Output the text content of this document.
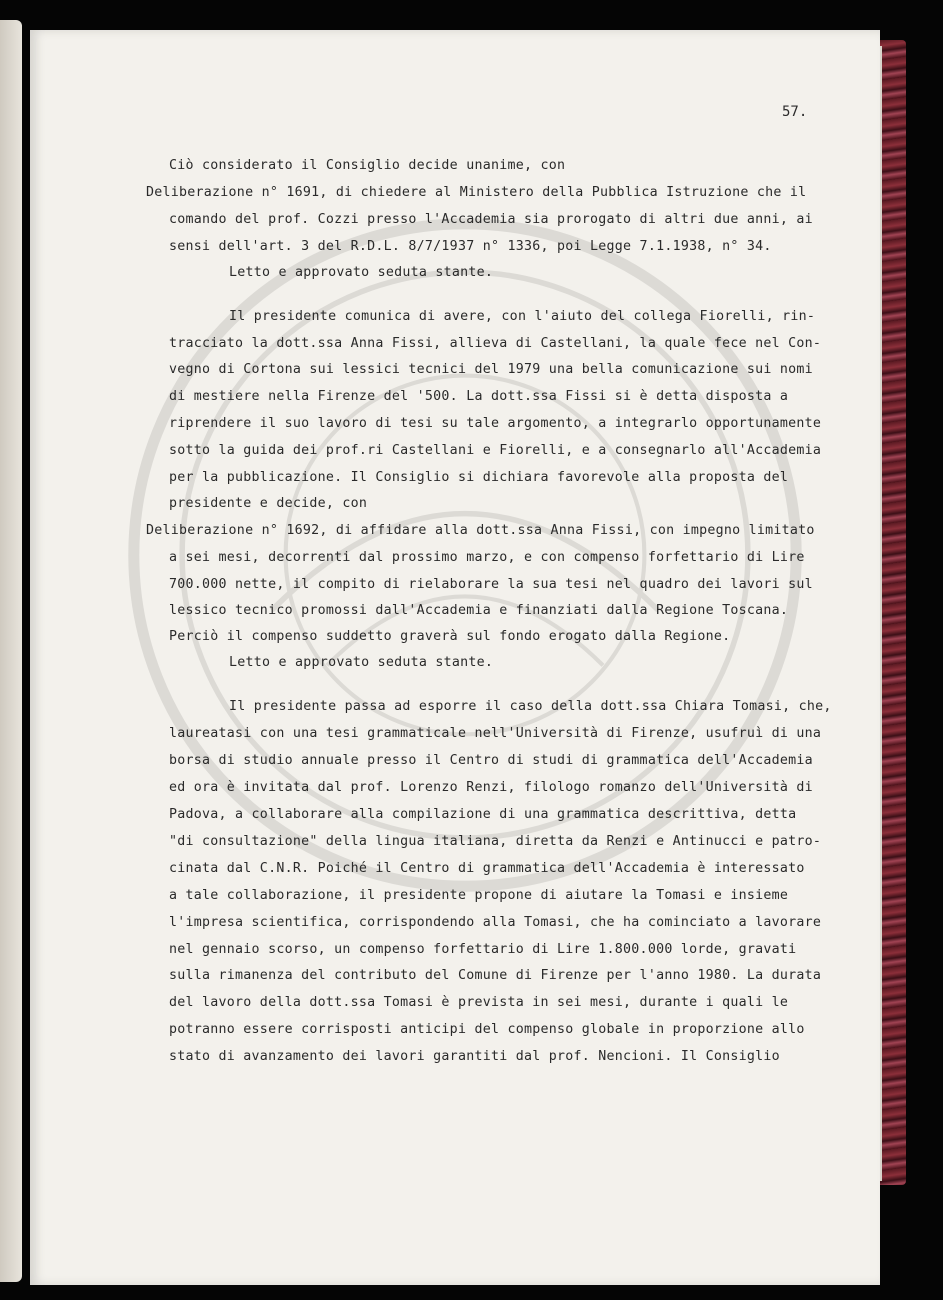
57.
Ciò considerato il Consiglio decide unanime, con
Deliberazione n° 1691, di chiedere al Ministero della Pubblica Istruzione che il
comando del prof. Cozzi presso l'Accademia sia prorogato di altri due anni, ai
sensi dell'art. 3 del R.D.L. 8/7/1937 n° 1336, poi Legge 7.1.1938, n° 34.
Letto e approvato seduta stante.
Il presidente comunica di avere, con l'aiuto del collega Fiorelli, rin-
tracciato la dott.ssa Anna Fissi, allieva di Castellani, la quale fece nel Con-
vegno di Cortona sui lessici tecnici del 1979 una bella comunicazione sui nomi
di mestiere nella Firenze del '500. La dott.ssa Fissi si è detta disposta a
riprendere il suo lavoro di tesi su tale argomento, a integrarlo opportunamente
sotto la guida dei prof.ri Castellani e Fiorelli, e a consegnarlo all'Accademia
per la pubblicazione. Il Consiglio si dichiara favorevole alla proposta del
presidente e decide, con
Deliberazione n° 1692, di affidare alla dott.ssa Anna Fissi, con impegno limitato
a sei mesi, decorrenti dal prossimo marzo, e con compenso forfettario di Lire
700.000 nette, il compito di rielaborare la sua tesi nel quadro dei lavori sul
lessico tecnico promossi dall'Accademia e finanziati dalla Regione Toscana.
Perciò il compenso suddetto graverà sul fondo erogato dalla Regione.
Letto e approvato seduta stante.
Il presidente passa ad esporre il caso della dott.ssa Chiara Tomasi, che,
laureatasi con una tesi grammaticale nell'Università di Firenze, usufruì di una
borsa di studio annuale presso il Centro di studi di grammatica dell'Accademia
ed ora è invitata dal prof. Lorenzo Renzi, filologo romanzo dell'Università di
Padova, a collaborare alla compilazione di una grammatica descrittiva, detta
"di consultazione" della lingua italiana, diretta da Renzi e Antinucci e patro-
cinata dal C.N.R. Poiché il Centro di grammatica dell'Accademia è interessato
a tale collaborazione, il presidente propone di aiutare la Tomasi e insieme
l'impresa scientifica, corrispondendo alla Tomasi, che ha cominciato a lavorare
nel gennaio scorso, un compenso forfettario di Lire 1.800.000 lorde, gravati
sulla rimanenza del contributo del Comune di Firenze per l'anno 1980. La durata
del lavoro della dott.ssa Tomasi è prevista in sei mesi, durante i quali le
potranno essere corrisposti anticipi del compenso globale in proporzione allo
stato di avanzamento dei lavori garantiti dal prof. Nencioni. Il Consiglio
